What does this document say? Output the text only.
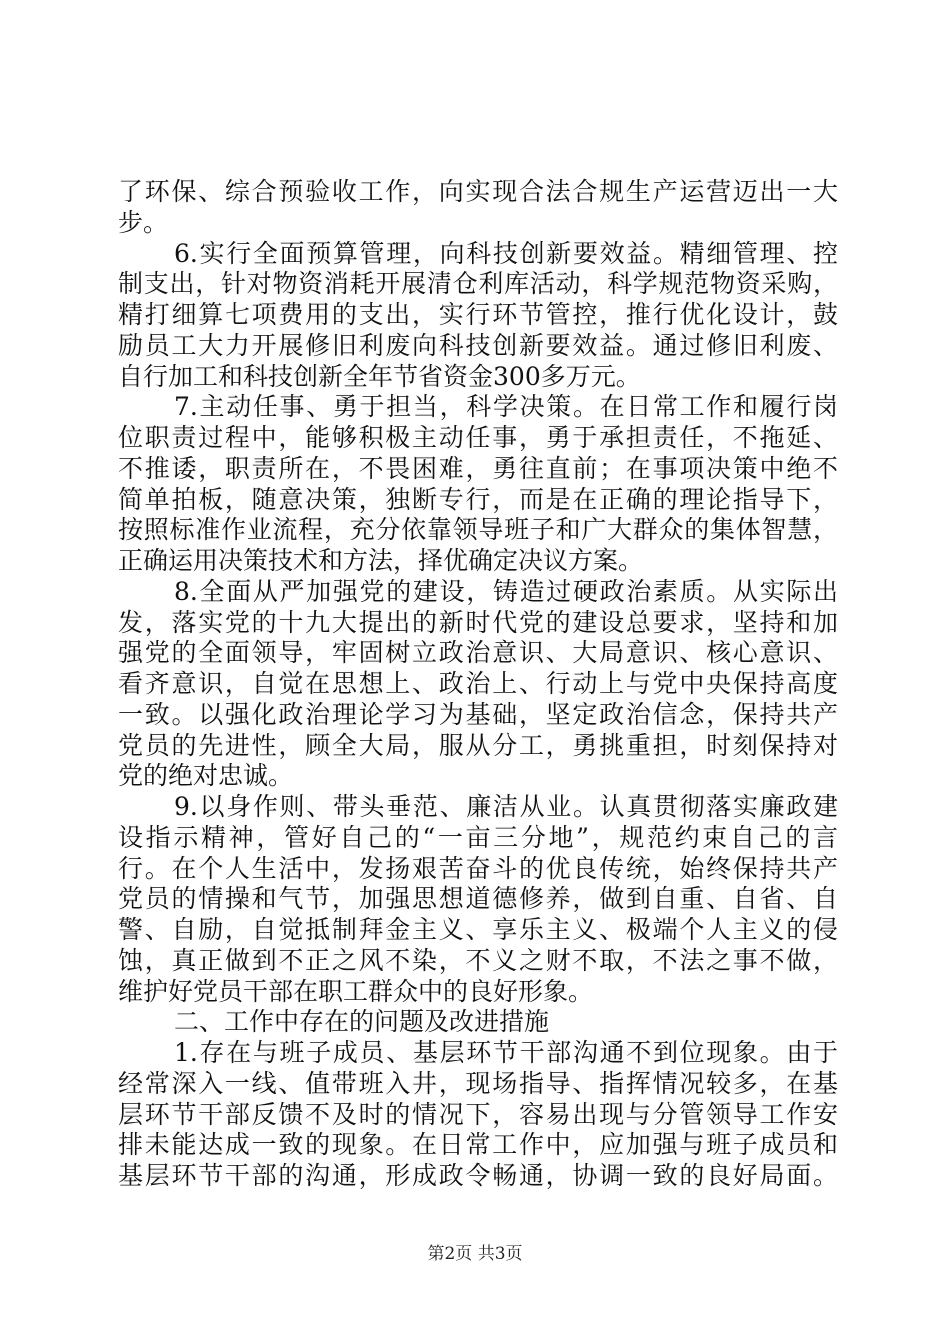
了环保、综合预验收工作，向实现合法合规生产运营迈出一大
步。
6.实行全面预算管理，向科技创新要效益。精细管理、控
制支出，针对物资消耗开展清仓利库活动，科学规范物资采购，
精打细算七项费用的支出，实行环节管控，推行优化设计，鼓
励员工大力开展修旧利废向科技创新要效益。通过修旧利废、
自行加工和科技创新全年节省资金300多万元。
7.主动任事、勇于担当，科学决策。在日常工作和履行岗
位职责过程中，能够积极主动任事，勇于承担责任，不拖延、
不推诿，职责所在，不畏困难，勇往直前；在事项决策中绝不
简单拍板，随意决策，独断专行，而是在正确的理论指导下，
按照标准作业流程，充分依靠领导班子和广大群众的集体智慧，
正确运用决策技术和方法，择优确定决议方案。
8.全面从严加强党的建设，铸造过硬政治素质。从实际出
发，落实党的十九大提出的新时代党的建设总要求，坚持和加
强党的全面领导，牢固树立政治意识、大局意识、核心意识、
看齐意识，自觉在思想上、政治上、行动上与党中央保持高度
一致。以强化政治理论学习为基础，坚定政治信念，保持共产
党员的先进性，顾全大局，服从分工，勇挑重担，时刻保持对
党的绝对忠诚。
9.以身作则、带头垂范、廉洁从业。认真贯彻落实廉政建
设指示精神，管好自己的“一亩三分地”，规范约束自己的言
行。在个人生活中，发扬艰苦奋斗的优良传统，始终保持共产
党员的情操和气节，加强思想道德修养，做到自重、自省、自
警、自励，自觉抵制拜金主义、享乐主义、极端个人主义的侵
蚀，真正做到不正之风不染，不义之财不取，不法之事不做，
维护好党员干部在职工群众中的良好形象。
二、工作中存在的问题及改进措施
1.存在与班子成员、基层环节干部沟通不到位现象。由于
经常深入一线、值带班入井，现场指导、指挥情况较多，在基
层环节干部反馈不及时的情况下，容易出现与分管领导工作安
排未能达成一致的现象。在日常工作中，应加强与班子成员和
基层环节干部的沟通，形成政令畅通，协调一致的良好局面。
第2页 共3页
